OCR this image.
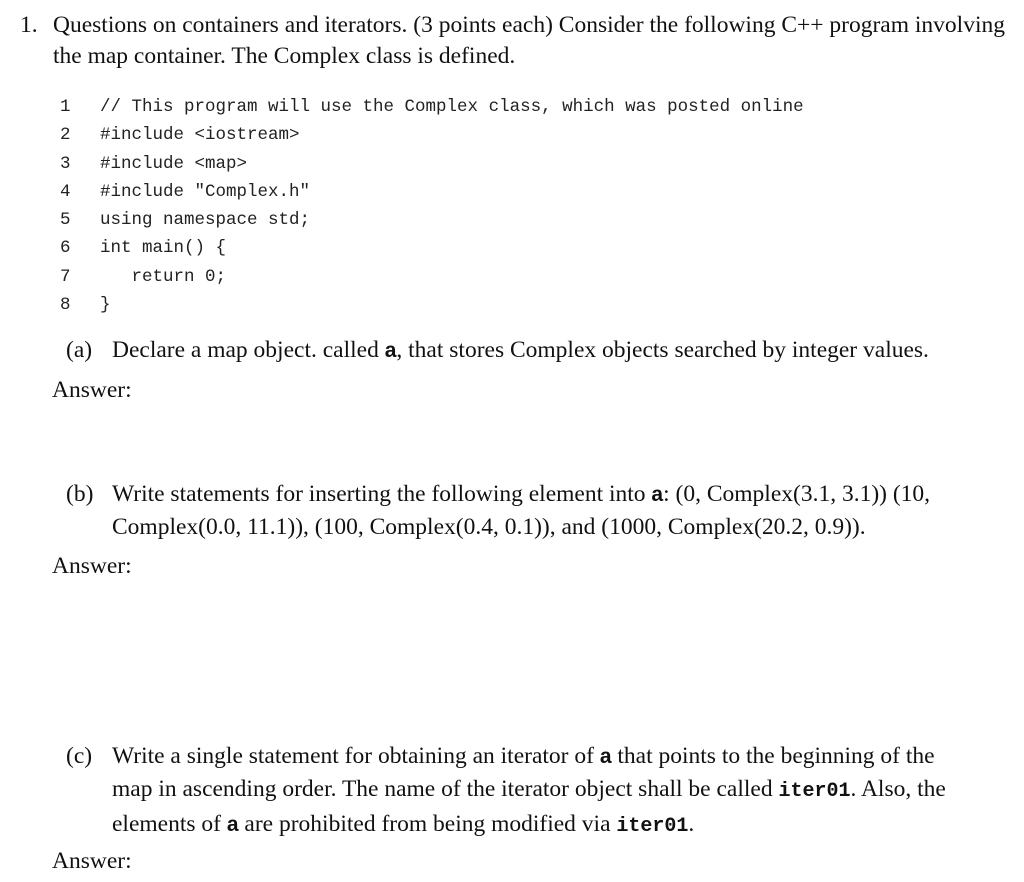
1. Questions on containers and iterators. (3 points each) Consider the following C++ program involving the map container. The Complex class is defined.
1 // This program will use the Complex class, which was posted online
2 #include <iostream>
3 #include <map>
4 #include "Complex.h"
5 using namespace std;
6 int main() {
7   return 0;
8 }
(a) Declare a map object. called a, that stores Complex objects searched by integer values.
Answer:
(b) Write statements for inserting the following element into a: (0, Complex(3.1, 3.1)) (10, Complex(0.0, 11.1)), (100, Complex(0.4, 0.1)), and (1000, Complex(20.2, 0.9)).
Answer:
(c) Write a single statement for obtaining an iterator of a that points to the beginning of the map in ascending order. The name of the iterator object shall be called iter01. Also, the elements of a are prohibited from being modified via iter01.
Answer:
